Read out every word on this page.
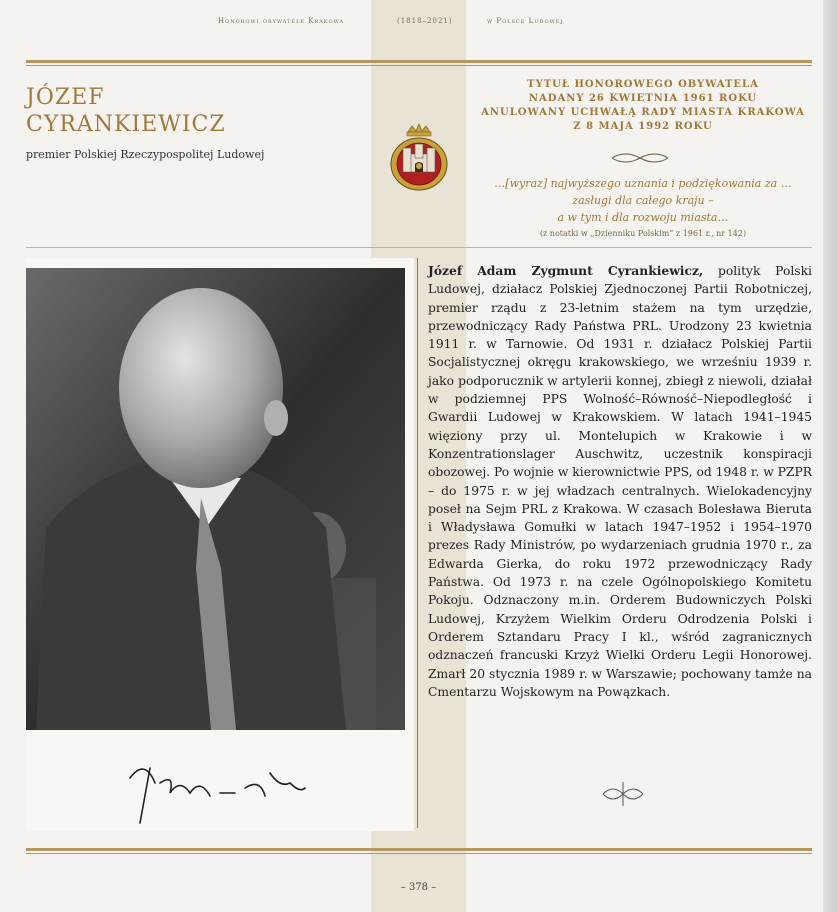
Honorowi obywatele Krakowa	(1818–2021)	w Polsce Ludowej
JÓZEF
CYRANKIEWICZ
premier Polskiej Rzeczypospolitej Ludowej
TYTUŁ HONOROWEGO OBYWATELA
NADANY 26 KWIETNIA 1961 ROKU
ANULOWANY UCHWAŁĄ RADY MIASTA KRAKOWA
Z 8 MAJA 1992 ROKU
…[wyraz] najwyższego uznania i podziękowania za …
zasługi dla całego kraju –
a w tym i dla rozwoju miasta…
(z notatki w „Dzienniku Polskim” z 1961 r., nr 142)
Józef Adam Zygmunt Cyrankiewicz, polityk Polski Ludowej, działacz Polskiej Zjednoczonej Partii Robotniczej, premier rządu z 23-letnim stażem na tym urzędzie, przewodniczący Rady Państwa PRL. Urodzony 23 kwietnia 1911 r. w Tarnowie. Od 1931 r. działacz Polskiej Partii Socjalistycznej okręgu krakowskiego, we wrześniu 1939 r. jako podporucznik w artylerii konnej, zbiegł z niewoli, działał w podziemnej PPS Wolność–Równość–Niepodległość i Gwardii Ludowej w Krakowskiem. W latach 1941–1945 więziony przy ul. Montelupich w Krakowie i w Konzentrationslager Auschwitz, uczestnik konspiracji obozowej. Po wojnie w kierownictwie PPS, od 1948 r. w PZPR – do 1975 r. w jej władzach centralnych. Wielokadencyjny poseł na Sejm PRL z Krakowa. W czasach Bolesława Bieruta i Władysława Gomułki w latach 1947–1952 i 1954–1970 prezes Rady Ministrów, po wydarzeniach grudnia 1970 r., za Edwarda Gierka, do roku 1972 przewodniczący Rady Państwa. Od 1973 r. na czele Ogólnopolskiego Komitetu Pokoju. Odznaczony m.in. Orderem Budowniczych Polski Ludowej, Krzyżem Wielkim Orderu Odrodzenia Polski i Orderem Sztandaru Pracy I kl., wśród zagranicznych odznaczeń francuski Krzyż Wielki Orderu Legii Honorowej. Zmarł 20 stycznia 1989 r. w Warszawie; pochowany tamże na Cmentarzu Wojskowym na Powązkach.
– 378 –
